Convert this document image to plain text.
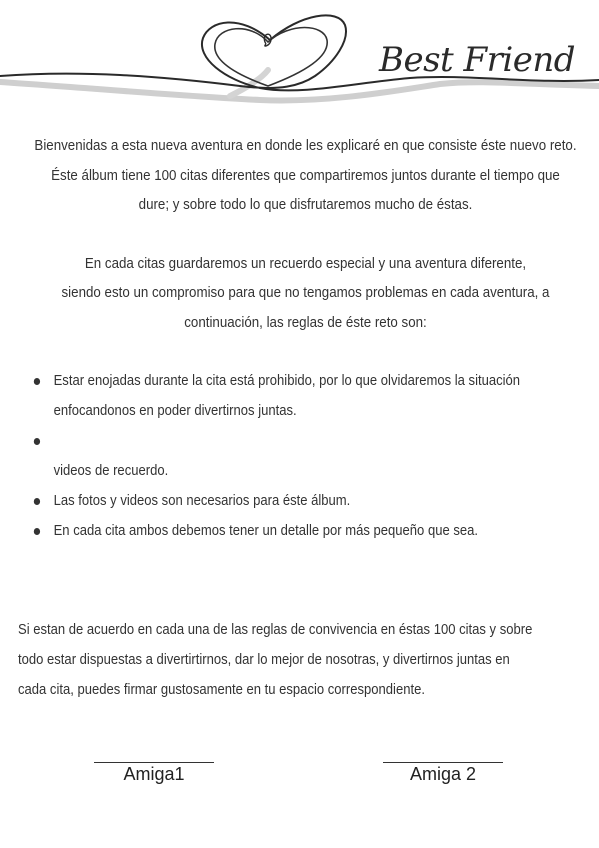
Best Friend

Bienvenidas a esta nueva aventura en donde les explicaré en que consiste éste nuevo reto.
Éste álbum tiene 100 citas diferentes que compartiremos juntos durante el tiempo que
dure; y sobre todo lo que disfrutaremos mucho de éstas.

En cada citas guardaremos un recuerdo especial y una aventura diferente,
siendo esto un compromiso para que no tengamos problemas en cada aventura, a
continuación, las reglas de éste reto son:

Estar enojadas durante la cita está prohibido, por lo que olvidaremos la situación
enfocandonos en poder divertirnos juntas.

videos de recuerdo.
Las fotos y videos son necesarios para éste álbum.
En cada cita ambos debemos tener un detalle por más pequeño que sea.
Si estan de acuerdo en cada una de las reglas de convivencia en éstas 100 citas y sobre
todo estar dispuestas a divertirtirnos, dar lo mejor de nosotras, y divertirnos juntas en
cada cita, puedes firmar gustosamente en tu espacio correspondiente.
Amiga1	Amiga 2
